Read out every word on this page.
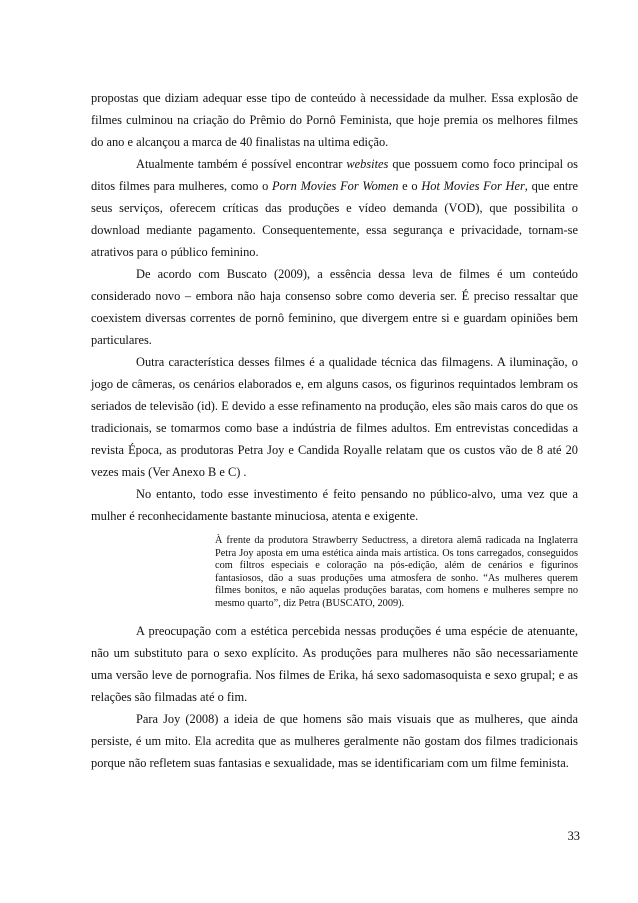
propostas que diziam adequar esse tipo de conteúdo à necessidade da mulher. Essa explosão de filmes culminou na criação do Prêmio do Pornô Feminista, que hoje premia os melhores filmes do ano e alcançou a marca de 40 finalistas na ultima edição.

Atualmente também é possível encontrar websites que possuem como foco principal os ditos filmes para mulheres, como o Porn Movies For Women e o Hot Movies For Her, que entre seus serviços, oferecem críticas das produções e vídeo demanda (VOD), que possibilita o download mediante pagamento. Consequentemente, essa segurança e privacidade, tornam-se atrativos para o público feminino.

De acordo com Buscato (2009), a essência dessa leva de filmes é um conteúdo considerado novo – embora não haja consenso sobre como deveria ser. É preciso ressaltar que coexistem diversas correntes de pornô feminino, que divergem entre si e guardam opiniões bem particulares.

Outra característica desses filmes é a qualidade técnica das filmagens. A iluminação, o jogo de câmeras, os cenários elaborados e, em alguns casos, os figurinos requintados lembram os seriados de televisão (id). E devido a esse refinamento na produção, eles são mais caros do que os tradicionais, se tomarmos como base a indústria de filmes adultos. Em entrevistas concedidas a revista Época, as produtoras Petra Joy e Candida Royalle relatam que os custos vão de 8 até 20 vezes mais (Ver Anexo B e C) .

No entanto, todo esse investimento é feito pensando no público-alvo, uma vez que a mulher é reconhecidamente bastante minuciosa, atenta e exigente.

À frente da produtora Strawberry Seductress, a diretora alemã radicada na Inglaterra Petra Joy aposta em uma estética ainda mais artística. Os tons carregados, conseguidos com filtros especiais e coloração na pós-edição, além de cenários e figurinos fantasiosos, dão a suas produções uma atmosfera de sonho. “As mulheres querem filmes bonitos, e não aquelas produções baratas, com homens e mulheres sempre no mesmo quarto”, diz Petra (BUSCATO, 2009).

A preocupação com a estética percebida nessas produções é uma espécie de atenuante, não um substituto para o sexo explícito. As produções para mulheres não são necessariamente uma versão leve de pornografia. Nos filmes de Erika, há sexo sadomasoquista e sexo grupal; e as relações são filmadas até o fim.

Para Joy (2008) a ideia de que homens são mais visuais que as mulheres, que ainda persiste, é um mito. Ela acredita que as mulheres geralmente não gostam dos filmes tradicionais porque não refletem suas fantasias e sexualidade, mas se identificariam com um filme feminista.

33
